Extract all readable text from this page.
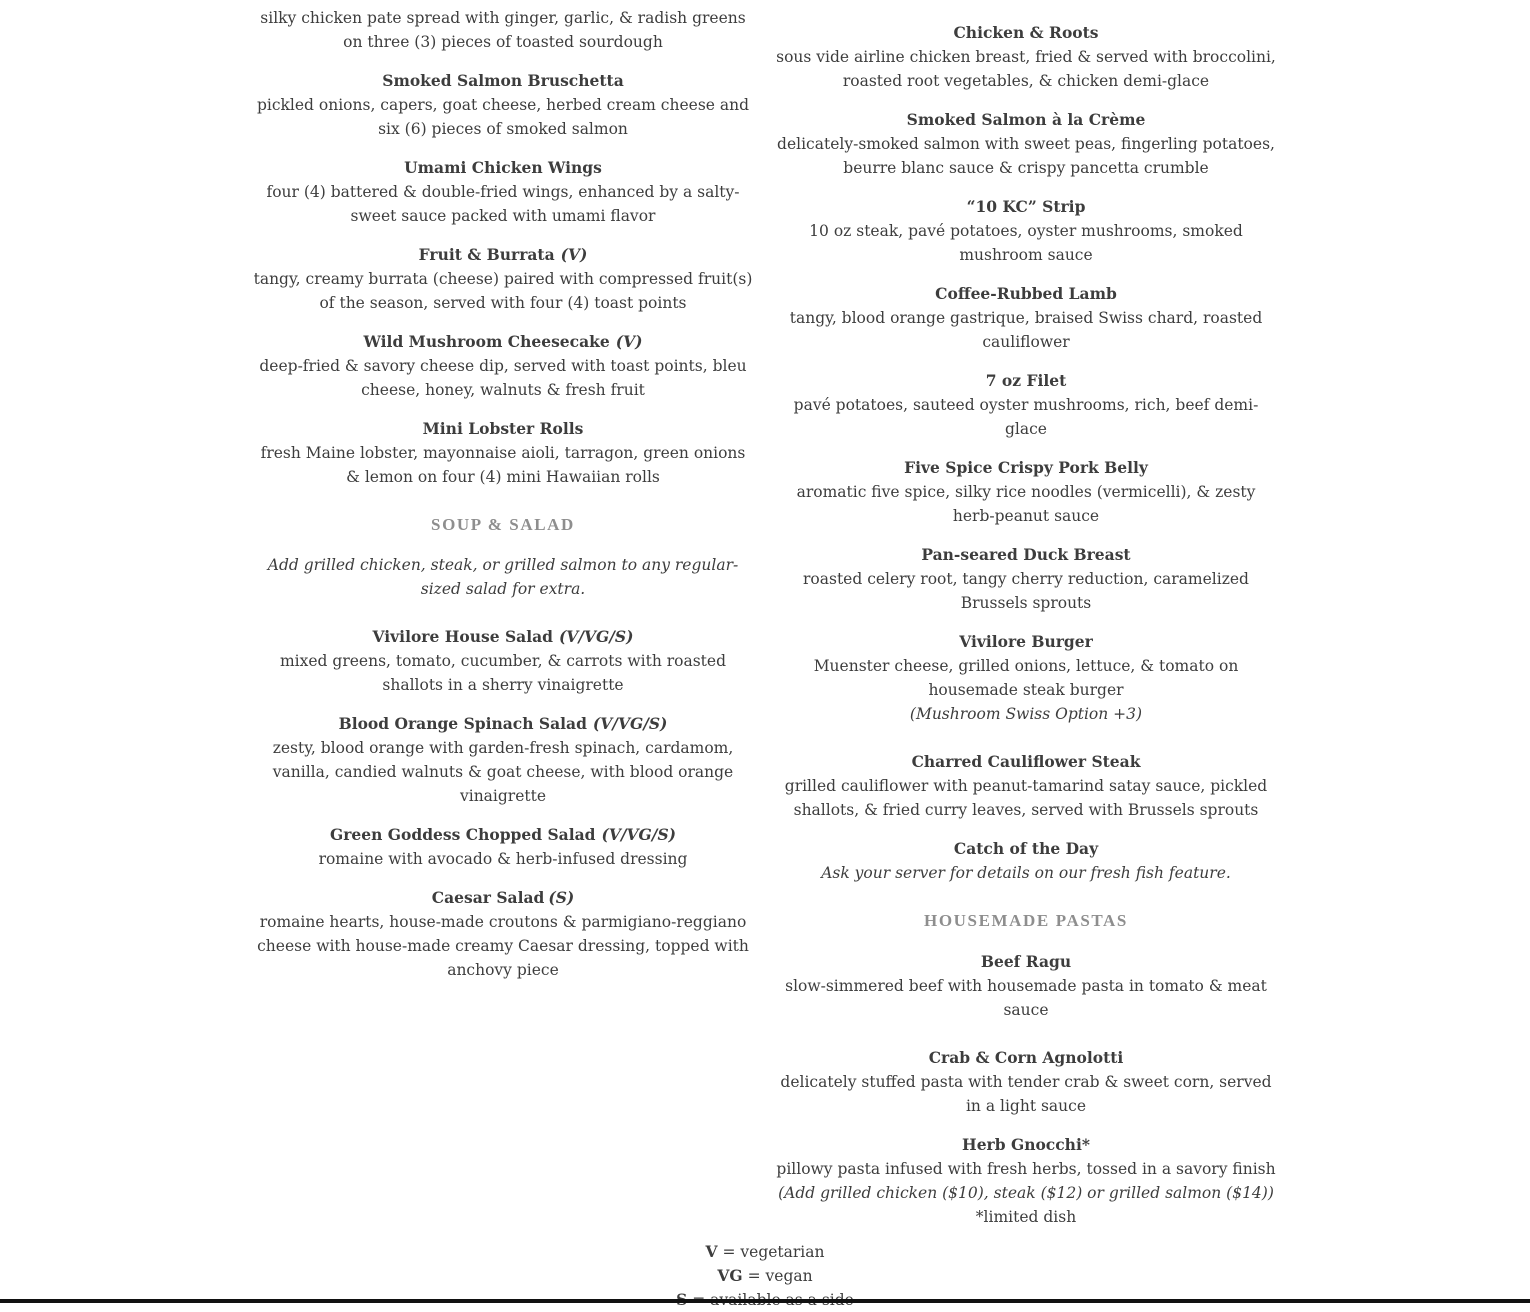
silky chicken pate spread with ginger, garlic, & radish greens on three (3) pieces of toasted sourdough
Smoked Salmon Bruschetta
pickled onions, capers, goat cheese, herbed cream cheese and six (6) pieces of smoked salmon
Umami Chicken Wings
four (4) battered & double-fried wings, enhanced by a salty-sweet sauce packed with umami flavor
Fruit & Burrata (V)
tangy, creamy burrata (cheese) paired with compressed fruit(s) of the season, served with four (4) toast points
Wild Mushroom Cheesecake (V)
deep-fried & savory cheese dip, served with toast points, bleu cheese, honey, walnuts & fresh fruit
Mini Lobster Rolls
fresh Maine lobster, mayonnaise aioli, tarragon, green onions & lemon on four (4) mini Hawaiian rolls
SOUP & SALAD

Add grilled chicken, steak, or grilled salmon to any regular-sized salad for extra.

Vivilore House Salad (V/VG/S)
mixed greens, tomato, cucumber, & carrots with roasted shallots in a sherry vinaigrette
Blood Orange Spinach Salad (V/VG/S)
zesty, blood orange with garden-fresh spinach, cardamom, vanilla, candied walnuts & goat cheese, with blood orange vinaigrette
Green Goddess Chopped Salad (V/VG/S)
romaine with avocado & herb-infused dressing
Caesar Salad (S)
romaine hearts, house-made croutons & parmigiano-reggiano cheese with house-made creamy Caesar dressing, topped with anchovy piece
Chicken & Roots
sous vide airline chicken breast, fried & served with broccolini, roasted root vegetables, & chicken demi-glace
Smoked Salmon à la Crème
delicately-smoked salmon with sweet peas, fingerling potatoes, beurre blanc sauce & crispy pancetta crumble
“10 KC” Strip
10 oz steak, pavé potatoes, oyster mushrooms, smoked mushroom sauce
Coffee-Rubbed Lamb
tangy, blood orange gastrique, braised Swiss chard, roasted cauliflower
7 oz Filet
pavé potatoes, sauteed oyster mushrooms, rich, beef demi-glace
Five Spice Crispy Pork Belly
aromatic five spice, silky rice noodles (vermicelli), & zesty herb-peanut sauce
Pan-seared Duck Breast
roasted celery root, tangy cherry reduction, caramelized Brussels sprouts
Vivilore Burger
Muenster cheese, grilled onions, lettuce, & tomato on housemade steak burger
(Mushroom Swiss Option +3)
Charred Cauliflower Steak
grilled cauliflower with peanut-tamarind satay sauce, pickled shallots, & fried curry leaves, served with Brussels sprouts
Catch of the Day
Ask your server for details on our fresh fish feature.
HOUSEMADE PASTAS
Beef Ragu
slow-simmered beef with housemade pasta in tomato & meat sauce
Crab & Corn Agnolotti
delicately stuffed pasta with tender crab & sweet corn, served in a light sauce
Herb Gnocchi*
pillowy pasta infused with fresh herbs, tossed in a savory finish
(Add grilled chicken ($10), steak ($12) or grilled salmon ($14))
*limited dish
V = vegetarian
VG = vegan
